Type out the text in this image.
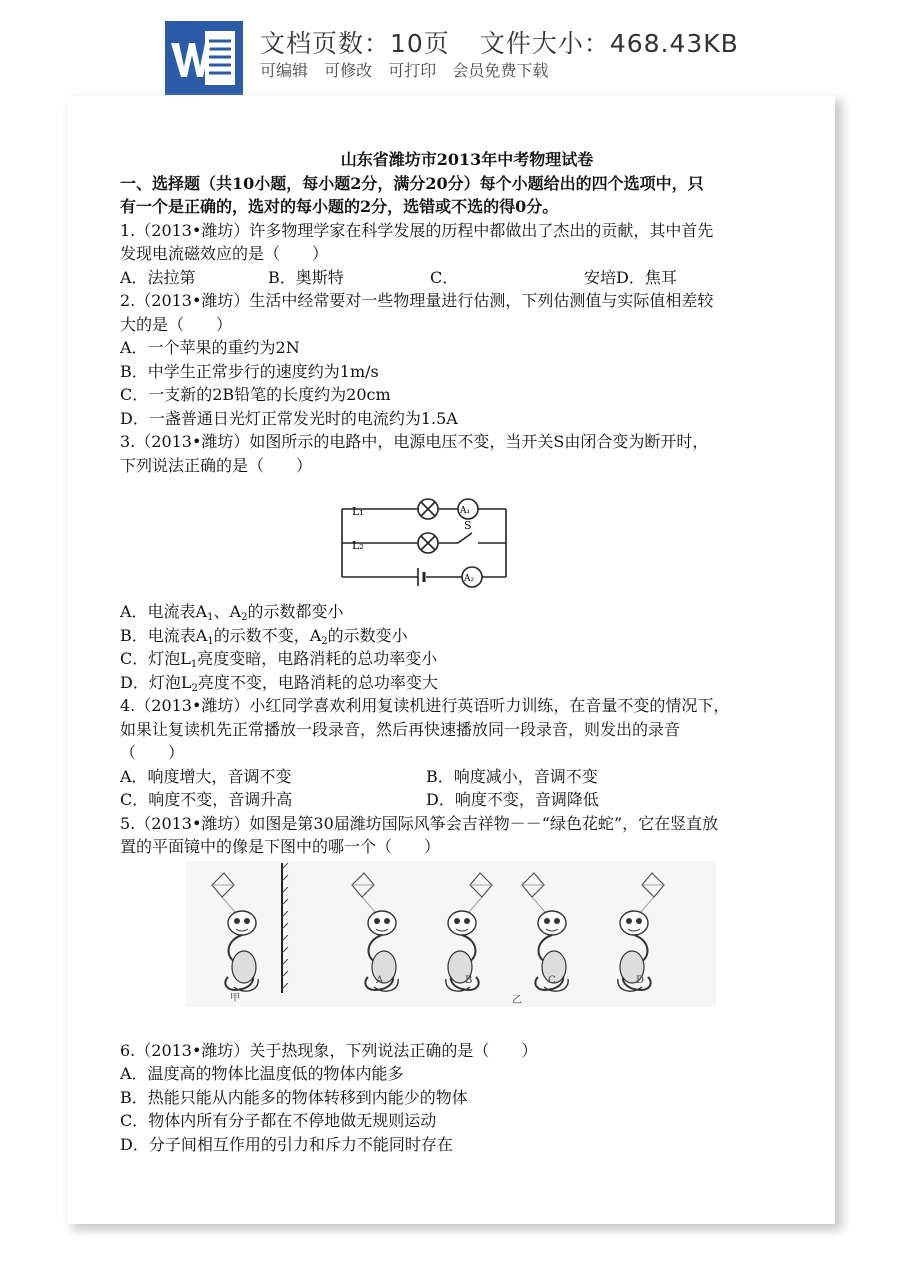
文档页数：10页 文件大小：468.43KB
可编辑 可修改 可打印 会员免费下载
山东省潍坊市2013年中考物理试卷
一、选择题（共10小题，每小题2分，满分20分）每个小题给出的四个选项中，只
有一个是正确的，选对的每小题的2分，选错或不选的得0分。
1.（2013•潍坊）许多物理学家在科学发展的历程中都做出了杰出的贡献，其中首先
发现电流磁效应的是（　　）
A．法拉第	B．奥斯特	C．	安培D．焦耳
2.（2013•潍坊）生活中经常要对一些物理量进行估测，下列估测值与实际值相差较
大的是（　　）
A．一个苹果的重约为2N
B．中学生正常步行的速度约为1m/s
C．一支新的2B铅笔的长度约为20cm
D．一盏普通日光灯正常发光时的电流约为1.5A
3.（2013•潍坊）如图所示的电路中，电源电压不变，当开关S由闭合变为断开时，
下列说法正确的是（　　）
L₁
L₂
A₁
A₂
S
A．电流表$A_1$、$A_2$的示数都变小
B．电流表$A_1$的示数不变，$A_2$的示数变小
C．灯泡$L_1$亮度变暗，电路消耗的总功率变小
D．灯泡$L_2$亮度不变，电路消耗的总功率变大
4.（2013•潍坊）小红同学喜欢利用复读机进行英语听力训练，在音量不变的情况下，
如果让复读机先正常播放一段录音，然后再快速播放同一段录音，则发出的录音
（　　）
A．响度增大，音调不变	B．响度减小，音调不变
C．响度不变，音调升高	D．响度不变，音调降低
5.（2013•潍坊）如图是第30届潍坊国际风筝会吉祥物－－“绿色花蛇”，它在竖直放
置的平面镜中的像是下图中的哪一个（　　）
甲
A	B	C	D
乙
6.（2013•潍坊）关于热现象，下列说法正确的是（　　）
A．温度高的物体比温度低的物体内能多
B．热能只能从内能多的物体转移到内能少的物体
C．物体内所有分子都在不停地做无规则运动
D．分子间相互作用的引力和斥力不能同时存在
